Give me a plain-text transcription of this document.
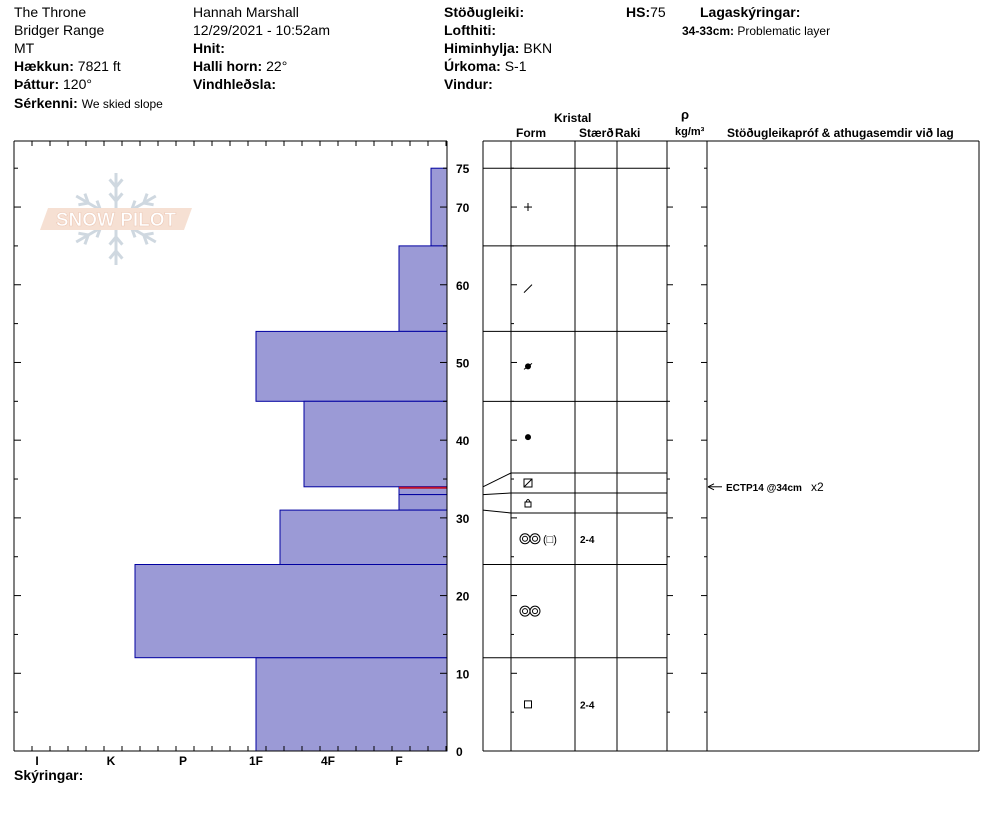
The Throne
Bridger Range
MT
Hækkun: 7821 ft
Þáttur: 120°
Sérkenni: We skied slope
Hannah Marshall
12/29/2021 - 10:52am
Hnit:
Halli horn: 22°
Vindhleðsla:
Stöðugleiki:
Lofthiti:
Himinhylja: BKN
Úrkoma: S-1
Vindur:
HS:75 Lagaskýringar:
34-33cm: Problematic layer
Kristal
Form	Stærð Raki
ρ
kg/m³ Stöðugleikapróf & athugasemdir við lag
Skýringar:
SNOW PILOT
0
10
20
30
40
50
60
70
75
I	K	P	1F	4F	F
(□) 2-4
2-4
ECTP14 @34cm x2
